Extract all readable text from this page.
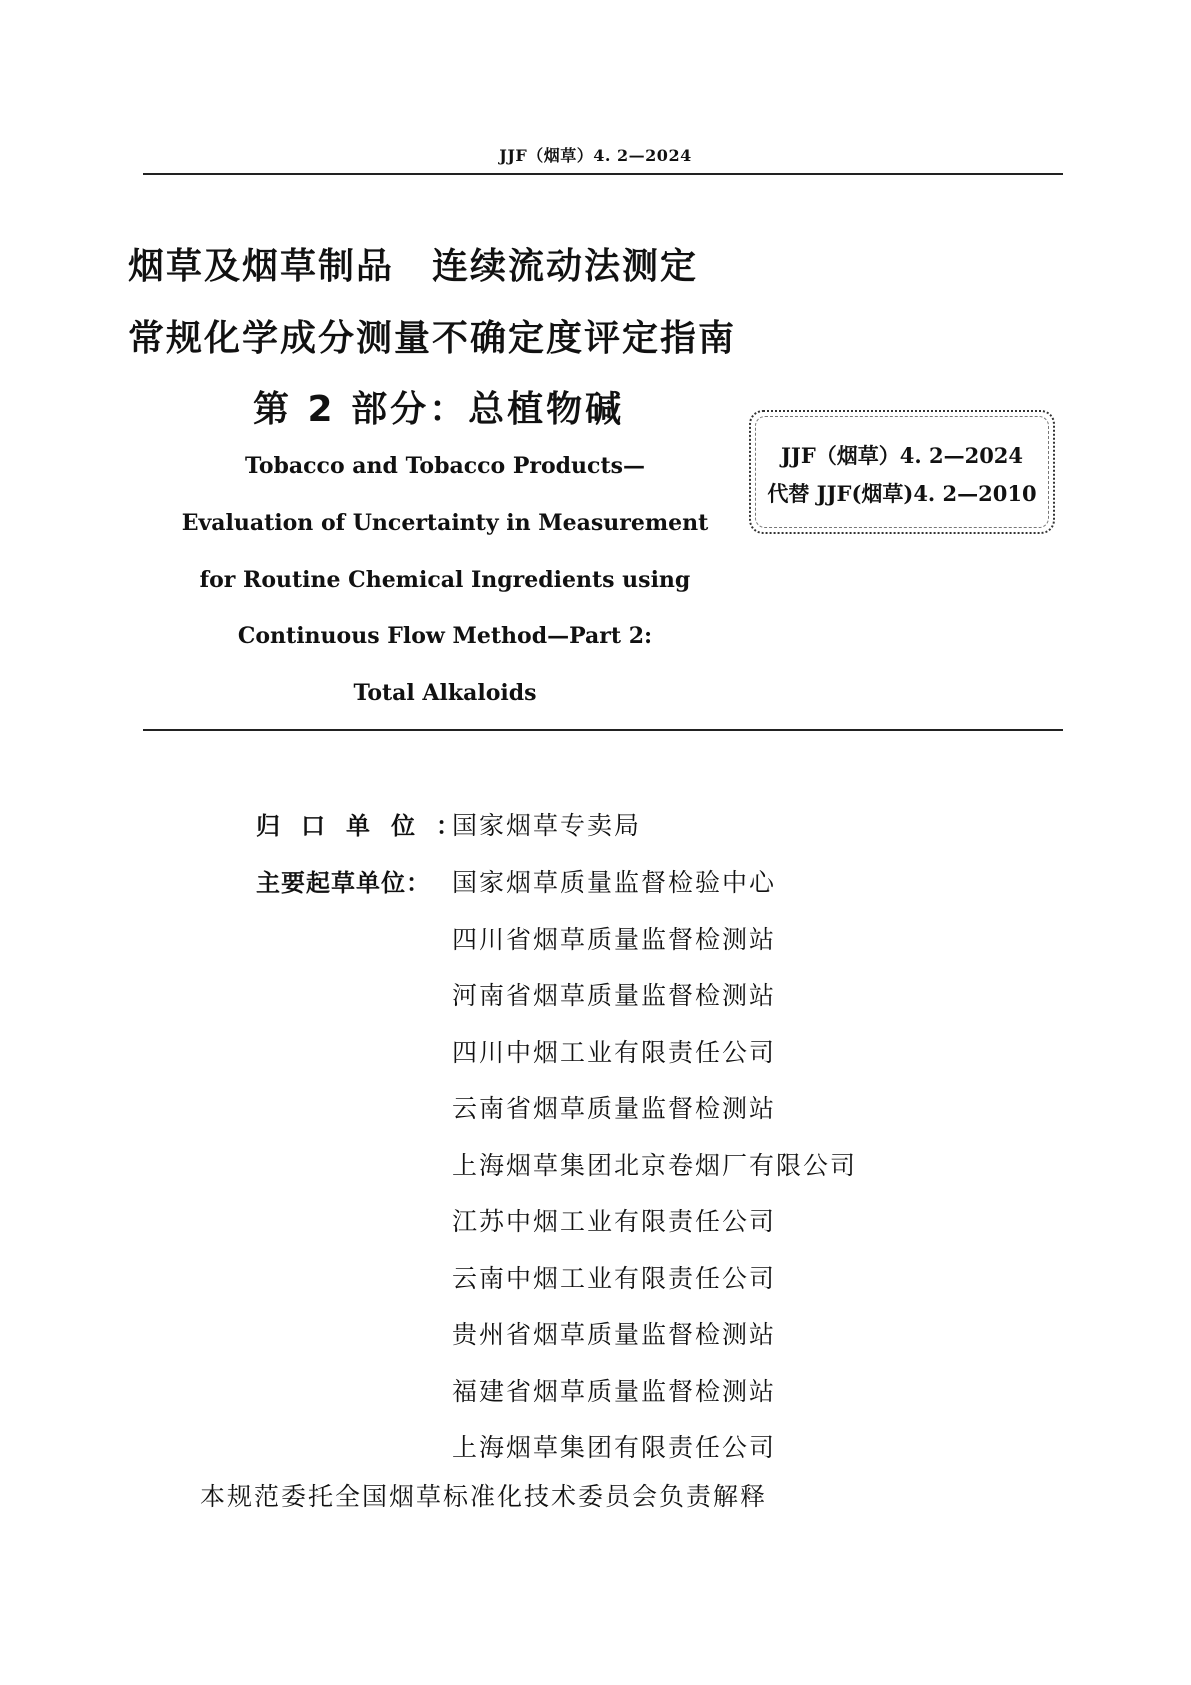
JJF（烟草）4. 2—2024
烟草及烟草制品　连续流动法测定
常规化学成分测量不确定度评定指南
第 2 部分：总植物碱
Tobacco and Tobacco Products—
Evaluation of Uncertainty in Measurement
for Routine Chemical Ingredients using
Continuous Flow Method—Part 2:
Total Alkaloids
JJF（烟草）4. 2—2024
代替 JJF(烟草)4. 2—2010
归口单位：
国家烟草专卖局
主要起草单位： 国家烟草质量监督检验中心
四川省烟草质量监督检测站
河南省烟草质量监督检测站
四川中烟工业有限责任公司
云南省烟草质量监督检测站
上海烟草集团北京卷烟厂有限公司
江苏中烟工业有限责任公司
云南中烟工业有限责任公司
贵州省烟草质量监督检测站
福建省烟草质量监督检测站
上海烟草集团有限责任公司
本规范委托全国烟草标准化技术委员会负责解释
